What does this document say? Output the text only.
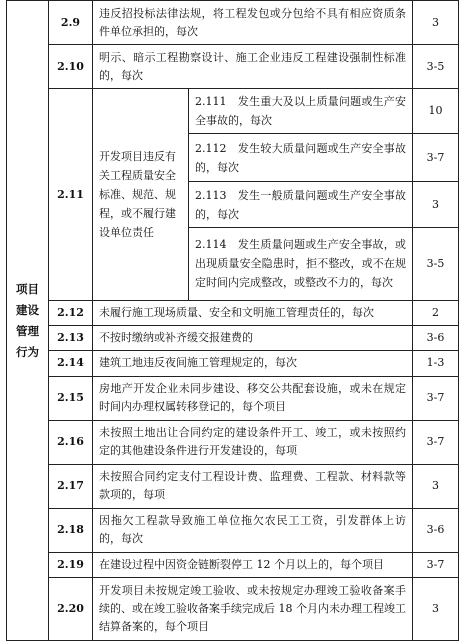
项目建设管理行为	2.9	违反招投标法律法规，将工程发包或分包给不具有相应资质条件单位承担的，每次		3
	2.10	明示、暗示工程勘察设计、施工企业违反工程建设强制性标准的，每次		3-5
	2.11	开发项目违反有关工程质量安全标准、规范、规程，或不履行建设单位责任	2.111　发生重大及以上质量问题或生产安全事故的，每次	10
			2.112　发生较大质量问题或生产安全事故的，每次	3-7
			2.113　发生一般质量问题或生产安全事故的，每次	3
			2.114　发生质量问题或生产安全事故，或出现质量安全隐患时，拒不整改，或不在规定时间内完成整改，或整改不力的，每次	3-5
	2.12	未履行施工现场质量、安全和文明施工管理责任的，每次		2
	2.13	不按时缴纳或补齐缓交报建费的		3-6
	2.14	建筑工地违反夜间施工管理规定的，每次		1-3
	2.15	房地产开发企业未同步建设、移交公共配套设施，或未在规定时间内办理权属转移登记的，每个项目		3-7
	2.16	未按照土地出让合同约定的建设条件开工、竣工，或未按照约定的其他建设条件进行开发建设的，每项		3-7
	2.17	未按照合同约定支付工程设计费、监理费、工程款、材料款等款项的，每项		3
	2.18	因拖欠工程款导致施工单位拖欠农民工工资，引发群体上访的，每次		3-6
	2.19	在建设过程中因资金链断裂停工 12 个月以上的，每个项目		3-7
	2.20	开发项目未按规定竣工验收、或未按规定办理竣工验收备案手续的、或在竣工验收备案手续完成后 18 个月内未办理工程竣工结算备案的，每个项目		3
